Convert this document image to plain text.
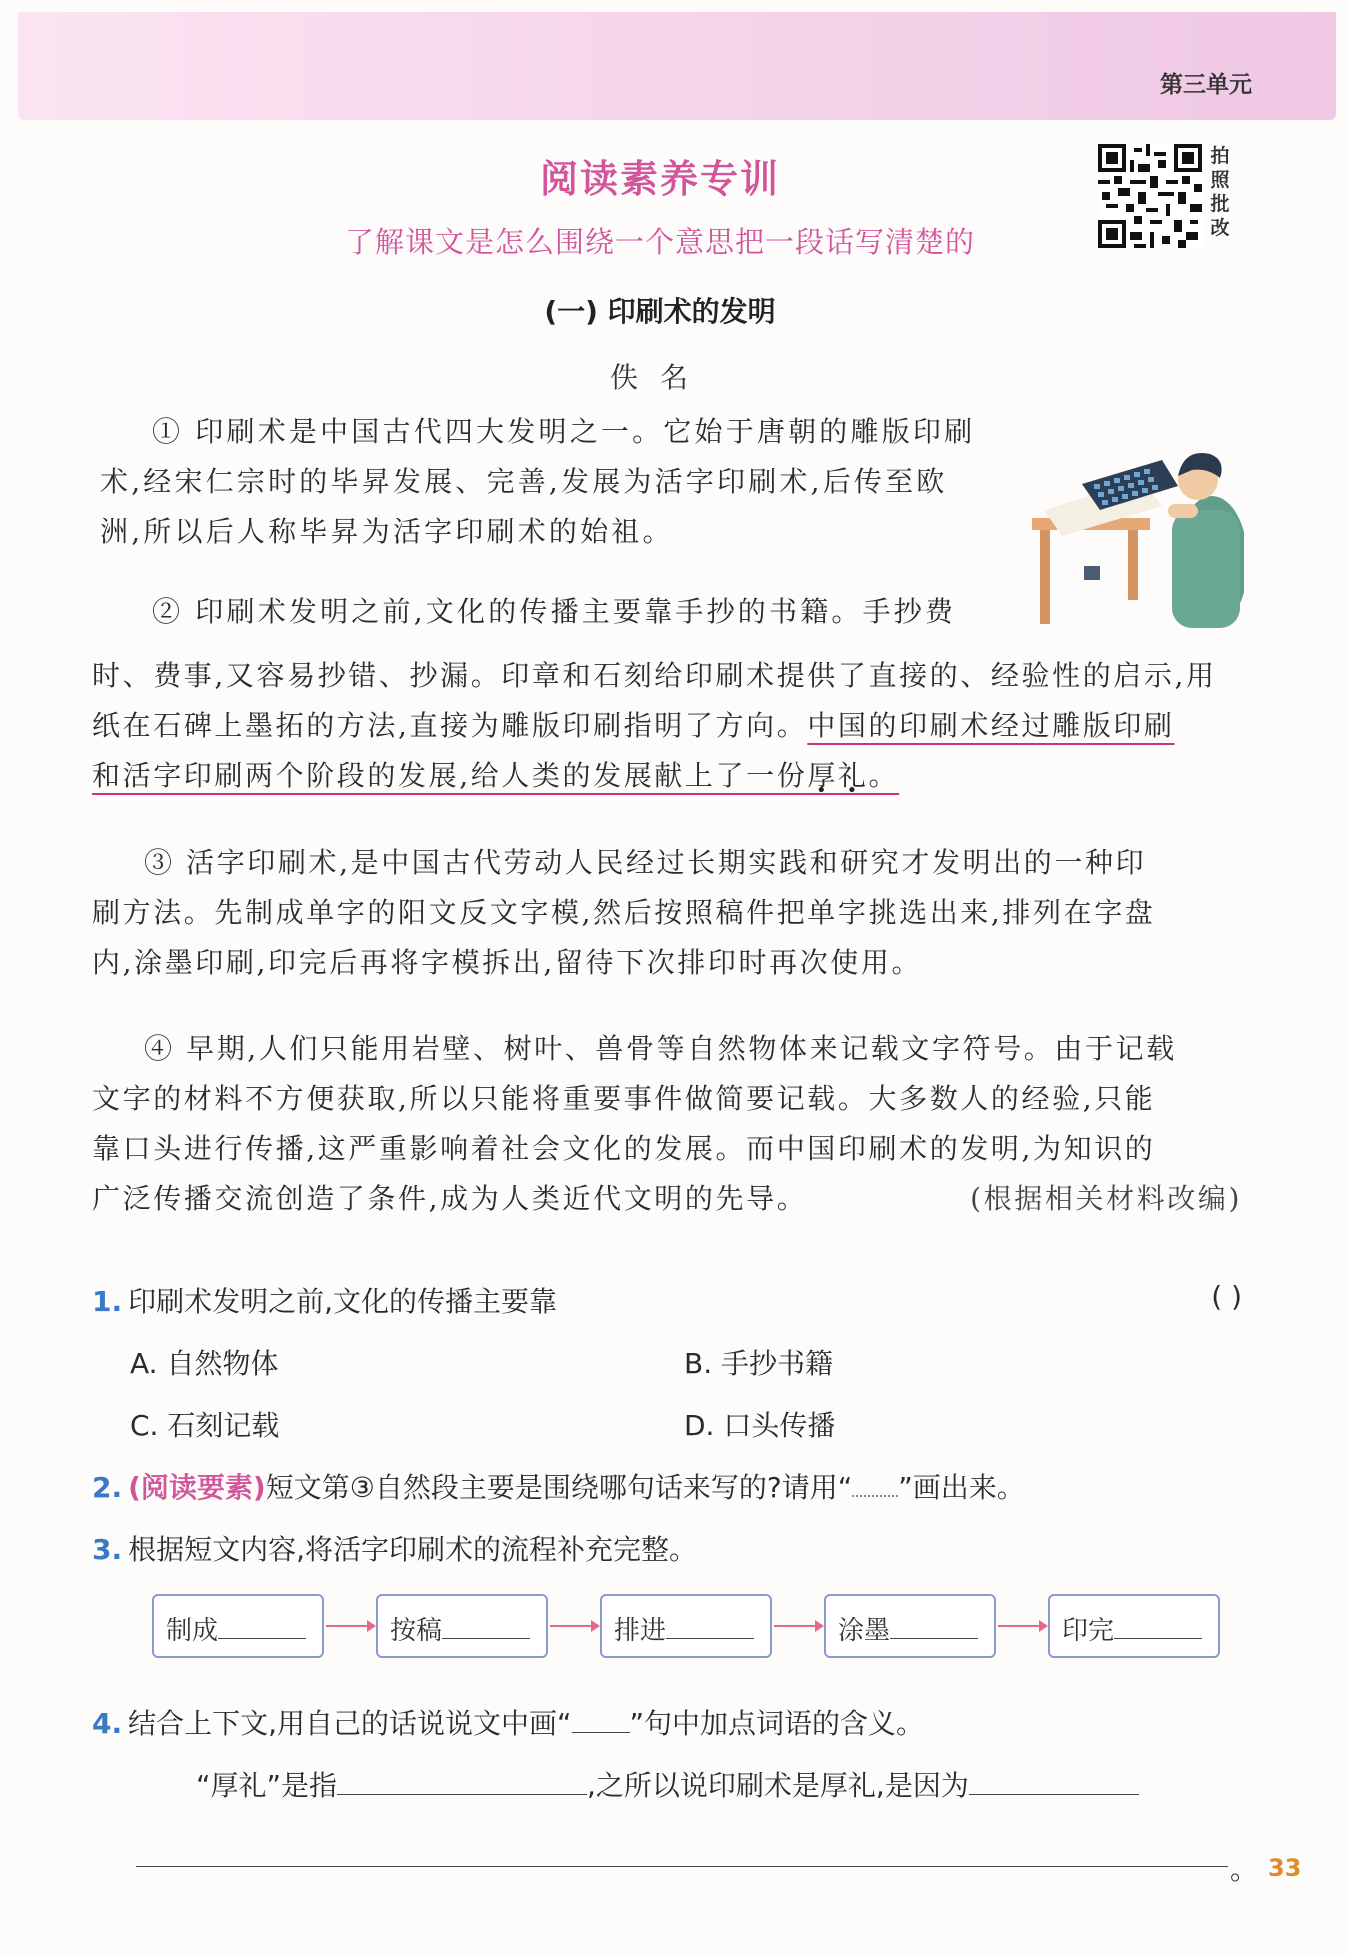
第三单元
阅读素养专训
了解课文是怎么围绕一个意思把一段话写清楚的
拍
照
批
改
(一) 印刷术的发明
佚名
① 印刷术是中国古代四大发明之一。它始于唐朝的雕版印刷
术,经宋仁宗时的毕昇发展、完善,发展为活字印刷术,后传至欧
洲,所以后人称毕昇为活字印刷术的始祖。
② 印刷术发明之前,文化的传播主要靠手抄的书籍。手抄费
时、费事,又容易抄错、抄漏。印章和石刻给印刷术提供了直接的、经验性的启示,用
纸在石碑上墨拓的方法,直接为雕版印刷指明了方向。中国的印刷术经过雕版印刷
和活字印刷两个阶段的发展,给人类的发展献上了一份厚礼。
③ 活字印刷术,是中国古代劳动人民经过长期实践和研究才发明出的一种印
刷方法。先制成单字的阳文反文字模,然后按照稿件把单字挑选出来,排列在字盘
内,涂墨印刷,印完后再将字模拆出,留待下次排印时再次使用。
④ 早期,人们只能用岩壁、树叶、兽骨等自然物体来记载文字符号。由于记载
文字的材料不方便获取,所以只能将重要事件做简要记载。大多数人的经验,只能
靠口头进行传播,这严重影响着社会文化的发展。而中国印刷术的发明,为知识的
广泛传播交流创造了条件,成为人类近代文明的先导。	(根据相关材料改编)
1. 印刷术发明之前,文化的传播主要靠	( )
A. 自然物体	B. 手抄书籍
C. 石刻记载	D. 口头传播
2. (阅读要素)短文第③自然段主要是围绕哪句话来写的?请用“ ”画出来。
3. 根据短文内容,将活字印刷术的流程补充完整。
制成	按稿	排进	涂墨	印完
4. 结合上下文,用自己的话说说文中画“ ”句中加点词语的含义。
“厚礼”是指	,之所以说印刷术是厚礼,是因为
。 33
